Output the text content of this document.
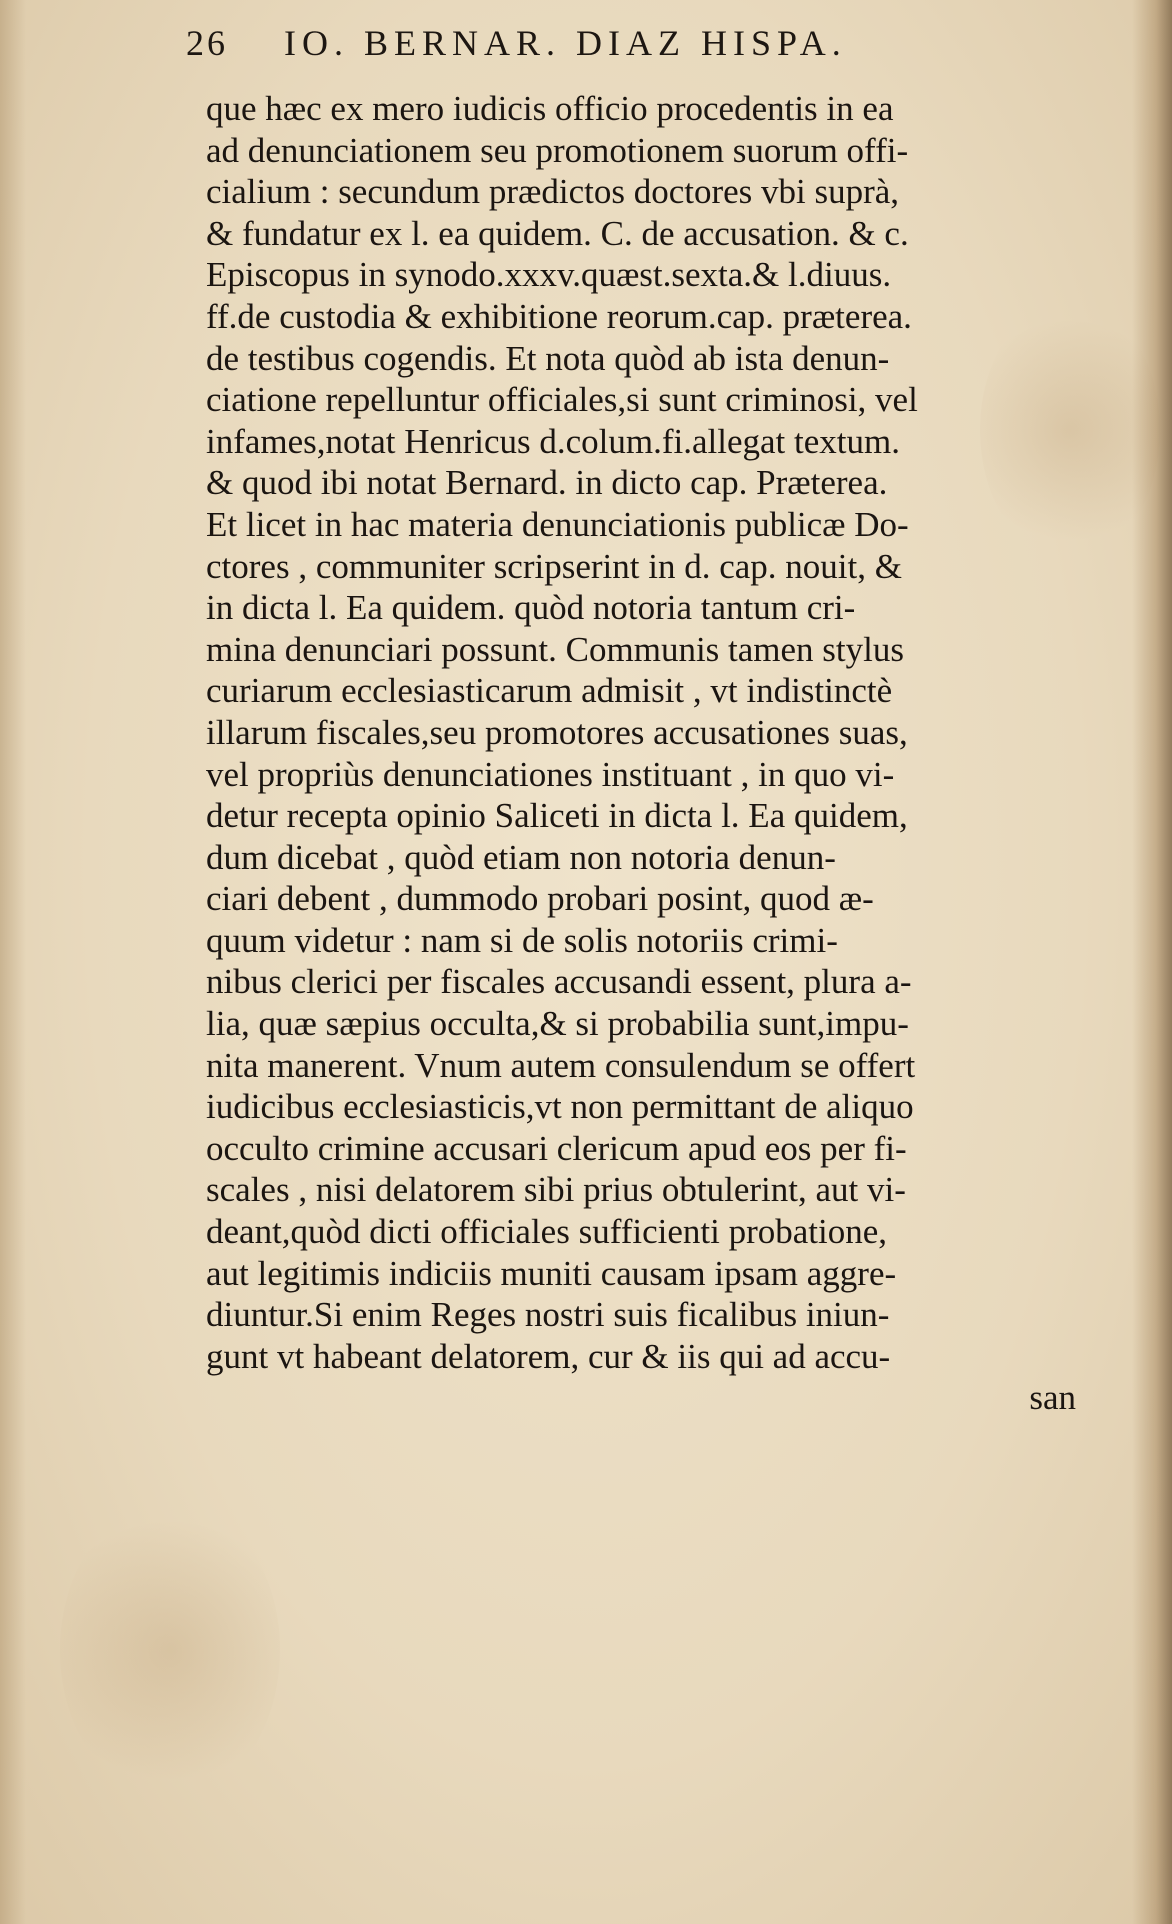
26 IO. BERNAR. DIAZ HISPA.
que hæc ex mero iudicis officio procedentis in ea
ad denunciationem seu promotionem suorum offi-
cialium : secundum prædictos doctores vbi suprà,
& fundatur ex l. ea quidem. C. de accusation. & c.
Episcopus in synodo.xxxv.quæst.sexta.& l.diuus.
ff.de custodia & exhibitione reorum.cap. præterea.
de testibus cogendis. Et nota quòd ab ista denun-
ciatione repelluntur officiales,si sunt criminosi, vel
infames,notat Henricus d.colum.fi.allegat textum.
& quod ibi notat Bernard. in dicto cap. Præterea.
Et licet in hac materia denunciationis publicæ Do-
ctores , communiter scripserint in d. cap. nouit, &
in dicta l. Ea quidem. quòd notoria tantum cri-
mina denunciari possunt. Communis tamen stylus
curiarum ecclesiasticarum admisit , vt indistinctè
illarum fiscales,seu promotores accusationes suas,
vel propriùs denunciationes instituant , in quo vi-
detur recepta opinio Saliceti in dicta l. Ea quidem,
dum dicebat , quòd etiam non notoria denun-
ciari debent , dummodo probari posint, quod æ-
quum videtur : nam si de solis notoriis crimi-
nibus clerici per fiscales accusandi essent, plura a-
lia, quæ sæpius occulta,& si probabilia sunt,impu-
nita manerent. Vnum autem consulendum se offert
iudicibus ecclesiasticis,vt non permittant de aliquo
occulto crimine accusari clericum apud eos per fi-
scales , nisi delatorem sibi prius obtulerint, aut vi-
deant,quòd dicti officiales sufficienti probatione,
aut legitimis indiciis muniti causam ipsam aggre-
diuntur.Si enim Reges nostri suis ficalibus iniun-
gunt vt habeant delatorem, cur & iis qui ad accu-
san
